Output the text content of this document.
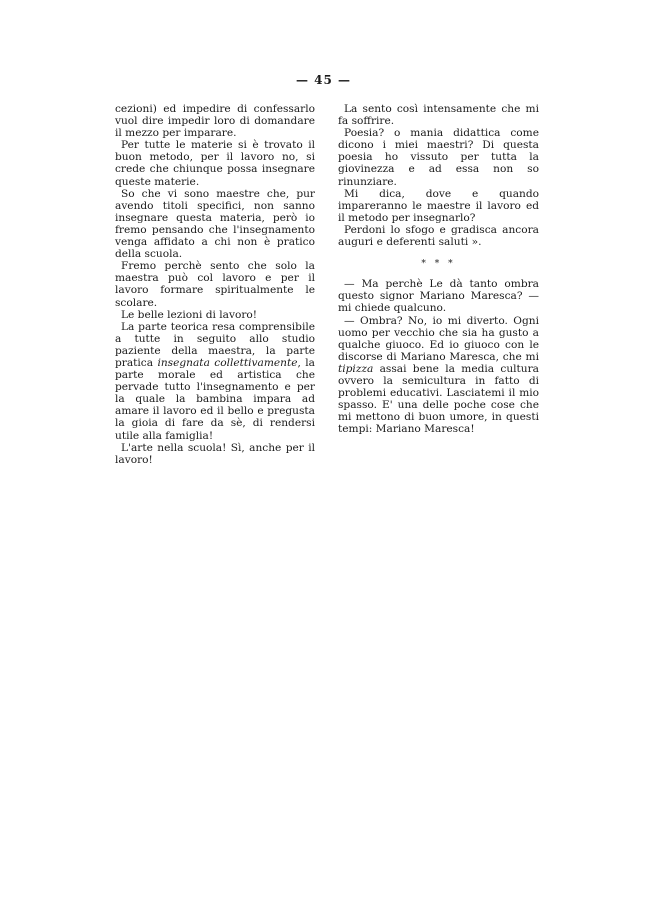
— 45 —

cezioni) ed impedire di confessarlo vuol dire impedir loro di domandare il mezzo per imparare.

Per tutte le materie si è trovato il buon metodo, per il lavoro no, si crede che chiunque possa insegnare queste materie.

So che vi sono maestre che, pur avendo titoli specifici, non sanno insegnare questa materia, però io fremo pensando che l'insegnamento venga affidato a chi non è pratico della scuola.

Fremo perchè sento che solo la maestra può col lavoro e per il lavoro formare spiritualmente le scolare.

Le belle lezioni di lavoro!

La parte teorica resa comprensibile a tutte in seguito allo studio paziente della maestra, la parte pratica insegnata collettivamente, la parte morale ed artistica che pervade tutto l'insegnamento e per la quale la bambina impara ad amare il lavoro ed il bello e pregusta la gioia di fare da sè, di rendersi utile alla famiglia!

L'arte nella scuola! Sì, anche per il lavoro!

La sento così intensamente che mi fa soffrire.

Poesia? o mania didattica come dicono i miei maestri? Di questa poesia ho vissuto per tutta la giovinezza e ad essa non so rinunziare.

Mi dica, dove e quando impareranno le maestre il lavoro ed il metodo per insegnarlo?

Perdoni lo sfogo e gradisca ancora auguri e deferenti saluti ».

* * *

— Ma perchè Le dà tanto ombra questo signor Mariano Maresca? — mi chiede qualcuno.

— Ombra? No, io mi diverto. Ogni uomo per vecchio che sia ha gusto a qualche giuoco. Ed io giuoco con le discorse di Mariano Maresca, che mi tipizza assai bene la media cultura ovvero la semicultura in fatto di problemi educativi. Lasciatemi il mio spasso. E' una delle poche cose che mi mettono di buon umore, in questi tempi: Mariano Maresca!
